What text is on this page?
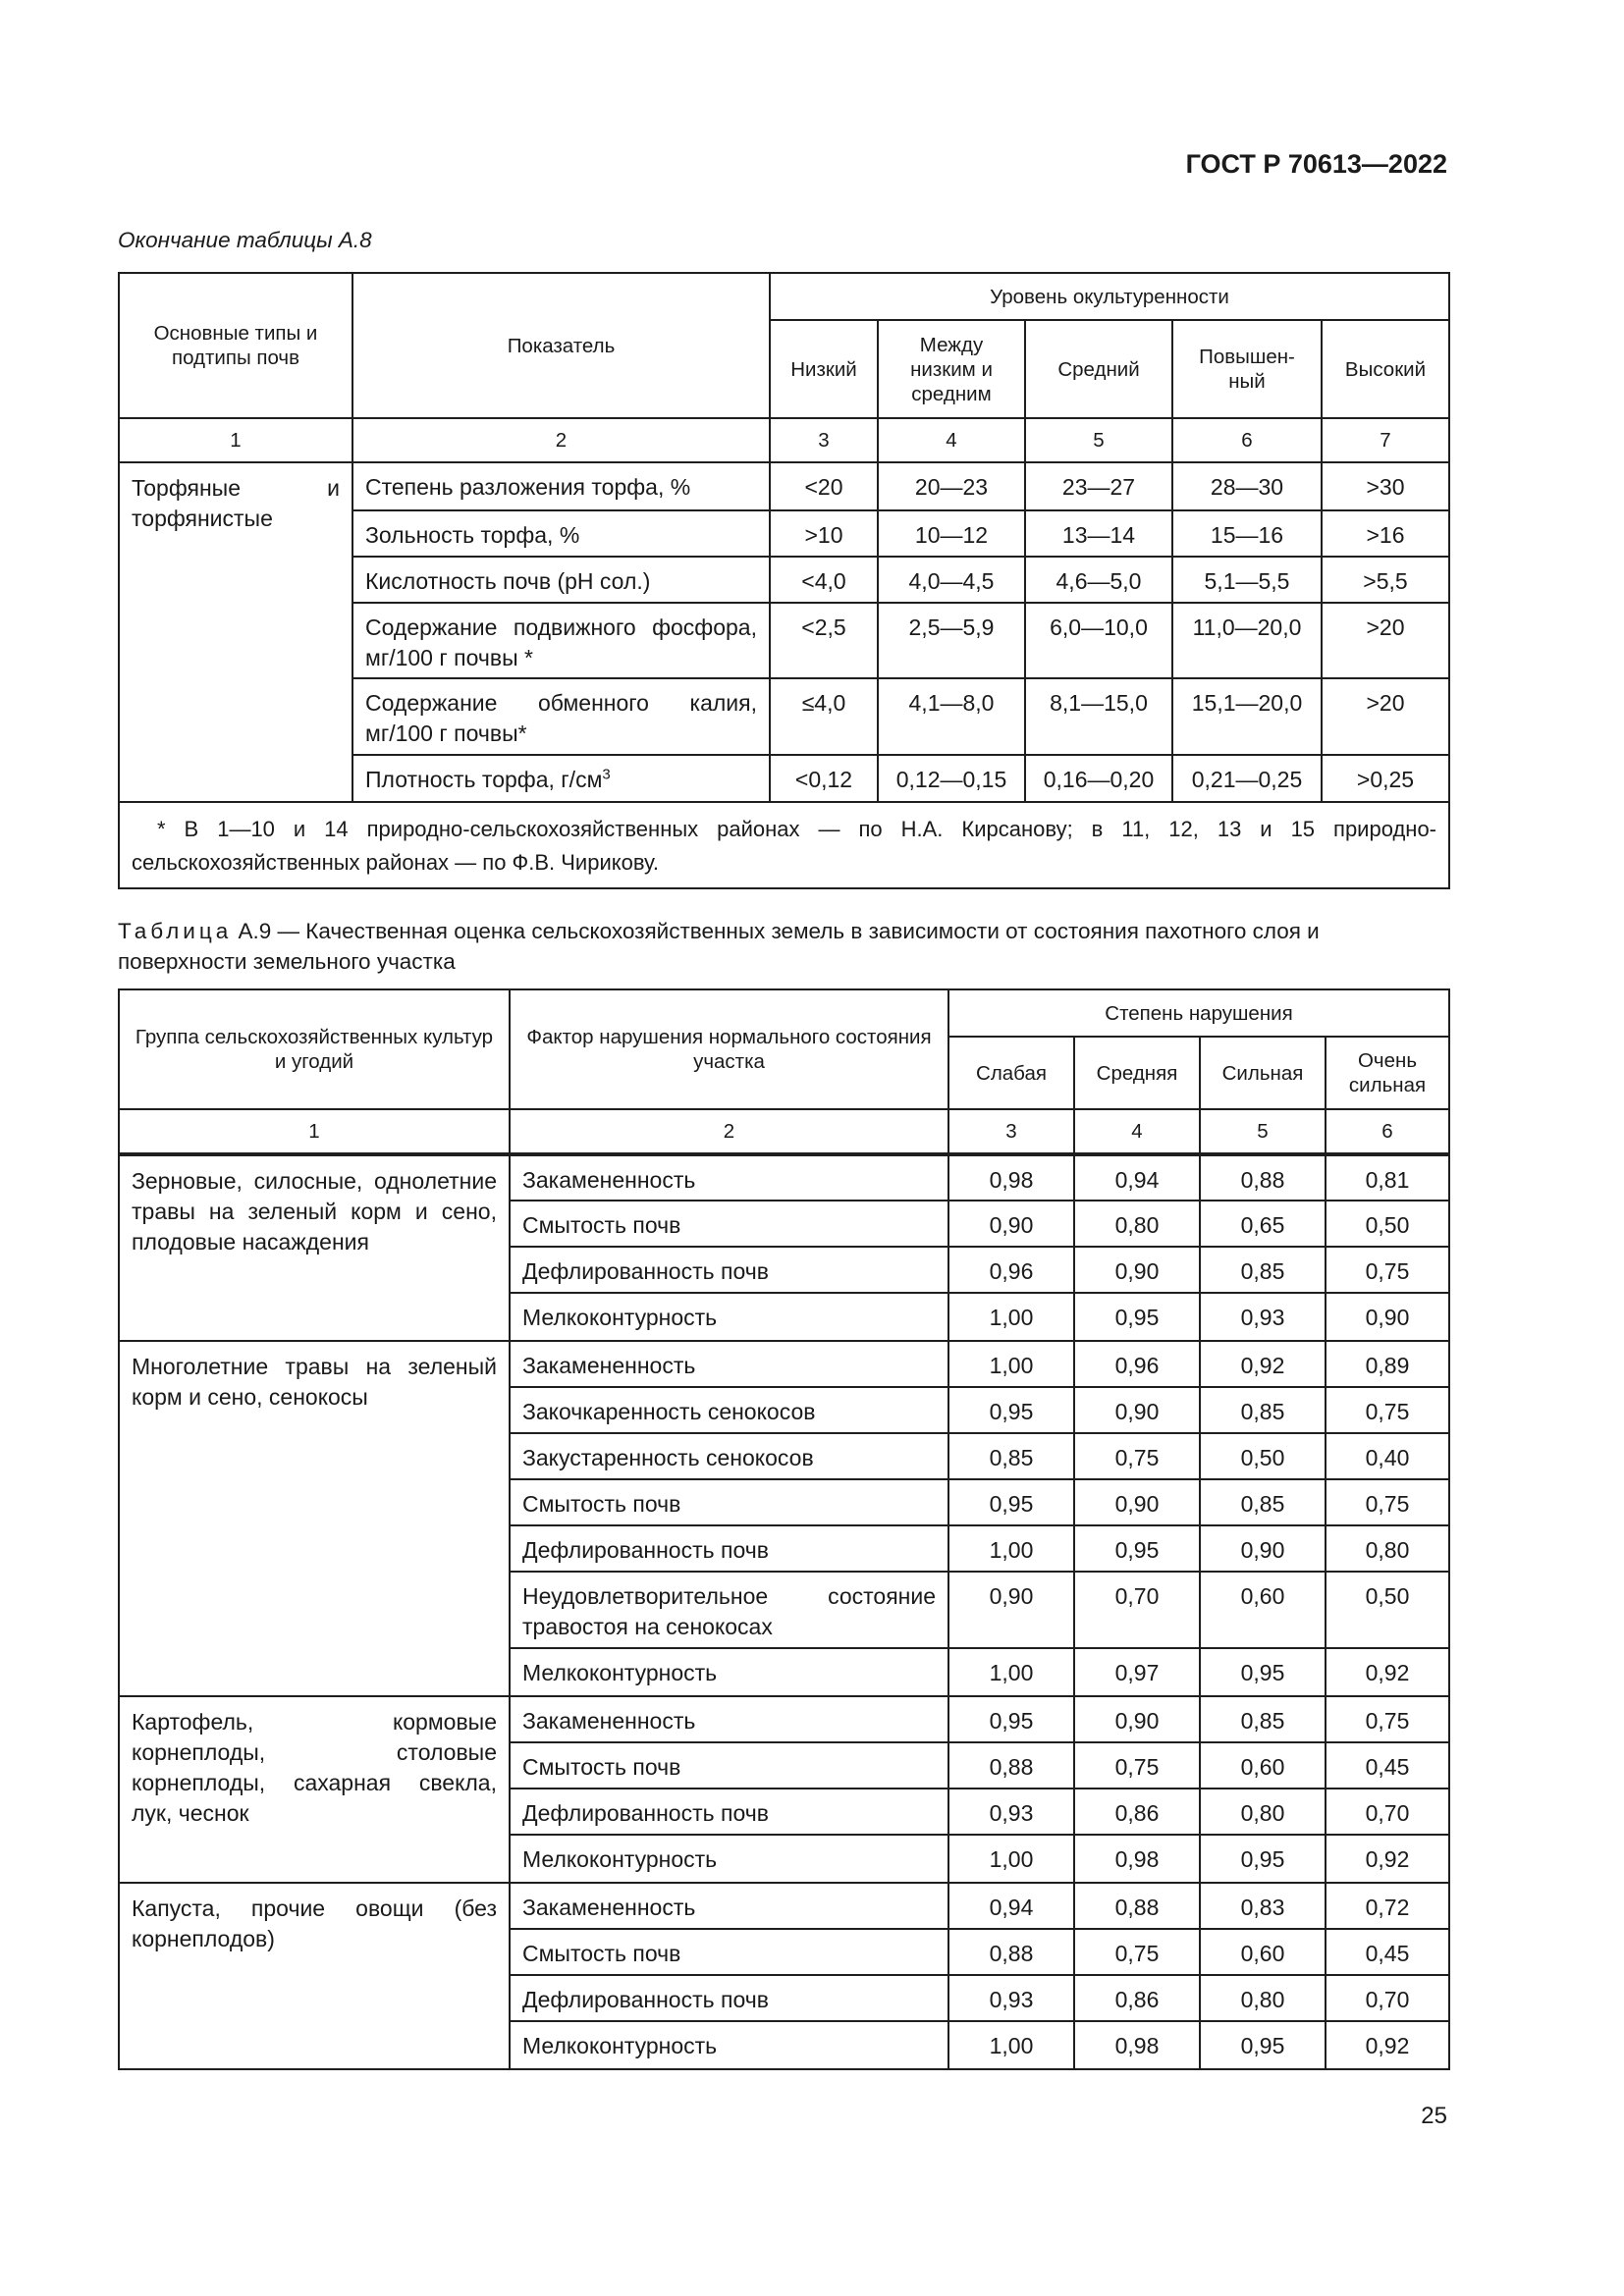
ГОСТ Р 70613—2022
Окончание таблицы А.8
Основные типы и подтипы почв	Показатель	Уровень окультуренности				
		Низкий	Между низким и средним	Средний	Повышен-ный	Высокий
1	2	3	4	5	6	7

Торфяные и торфянистые	Степень разложения торфа, %	<20	20—23	23—27	28—30	>30
	Зольность торфа, %	>10	10—12	13—14	15—16	>16
	Кислотность почв (pH сол.)	<4,0	4,0—4,5	4,6—5,0	5,1—5,5	>5,5
	Содержание подвижного фосфора, мг/100 г почвы *	<2,5	2,5—5,9	6,0—10,0	11,0—20,0	>20
	Содержание обменного калия, мг/100 г почвы*	≤4,0	4,1—8,0	8,1—15,0	15,1—20,0	>20
	Плотность торфа, $г/см^3$	<0,12	0,12—0,15	0,16—0,20	0,21—0,25	>0,25
* В 1—10 и 14 природно-сельскохозяйственных районах — по Н.А. Кирсанову; в 11, 12, 13 и 15 природно-сельскохозяйственных районах — по Ф.В. Чирикову.						
Таблица А.9 — Качественная оценка сельскохозяйственных земель в зависимости от состояния пахотного слоя и поверхности земельного участка
Группа сельскохозяйственных культур и угодий	Фактор нарушения нормального состояния участка	Степень нарушения			
		Слабая	Средняя	Сильная	Очень сильная
1	2	3	4	5	6

Зерновые, силосные, однолетние травы на зеленый корм и сено, плодовые насаждения	Закамененность	0,98	0,94	0,88	0,81
	Смытость почв	0,90	0,80	0,65	0,50
	Дефлированность почв	0,96	0,90	0,85	0,75
	Мелкоконтурность	1,00	0,95	0,93	0,90

Многолетние травы на зеленый корм и сено, сенокосы	Закамененность	1,00	0,96	0,92	0,89
	Закочкаренность сенокосов	0,95	0,90	0,85	0,75
	Закустаренность сенокосов	0,85	0,75	0,50	0,40
	Смытость почв	0,95	0,90	0,85	0,75
	Дефлированность почв	1,00	0,95	0,90	0,80
	Неудовлетворительное состояние травостоя на сенокосах	0,90	0,70	0,60	0,50
	Мелкоконтурность	1,00	0,97	0,95	0,92

Картофель, кормовые корнеплоды, столовые корнеплоды, сахарная свекла, лук, чеснок	Закамененность	0,95	0,90	0,85	0,75
	Смытость почв	0,88	0,75	0,60	0,45
	Дефлированность почв	0,93	0,86	0,80	0,70
	Мелкоконтурность	1,00	0,98	0,95	0,92

Капуста, прочие овощи (без корнеплодов)	Закамененность	0,94	0,88	0,83	0,72
	Смытость почв	0,88	0,75	0,60	0,45
	Дефлированность почв	0,93	0,86	0,80	0,70
	Мелкоконтурность	1,00	0,98	0,95	0,92
25
